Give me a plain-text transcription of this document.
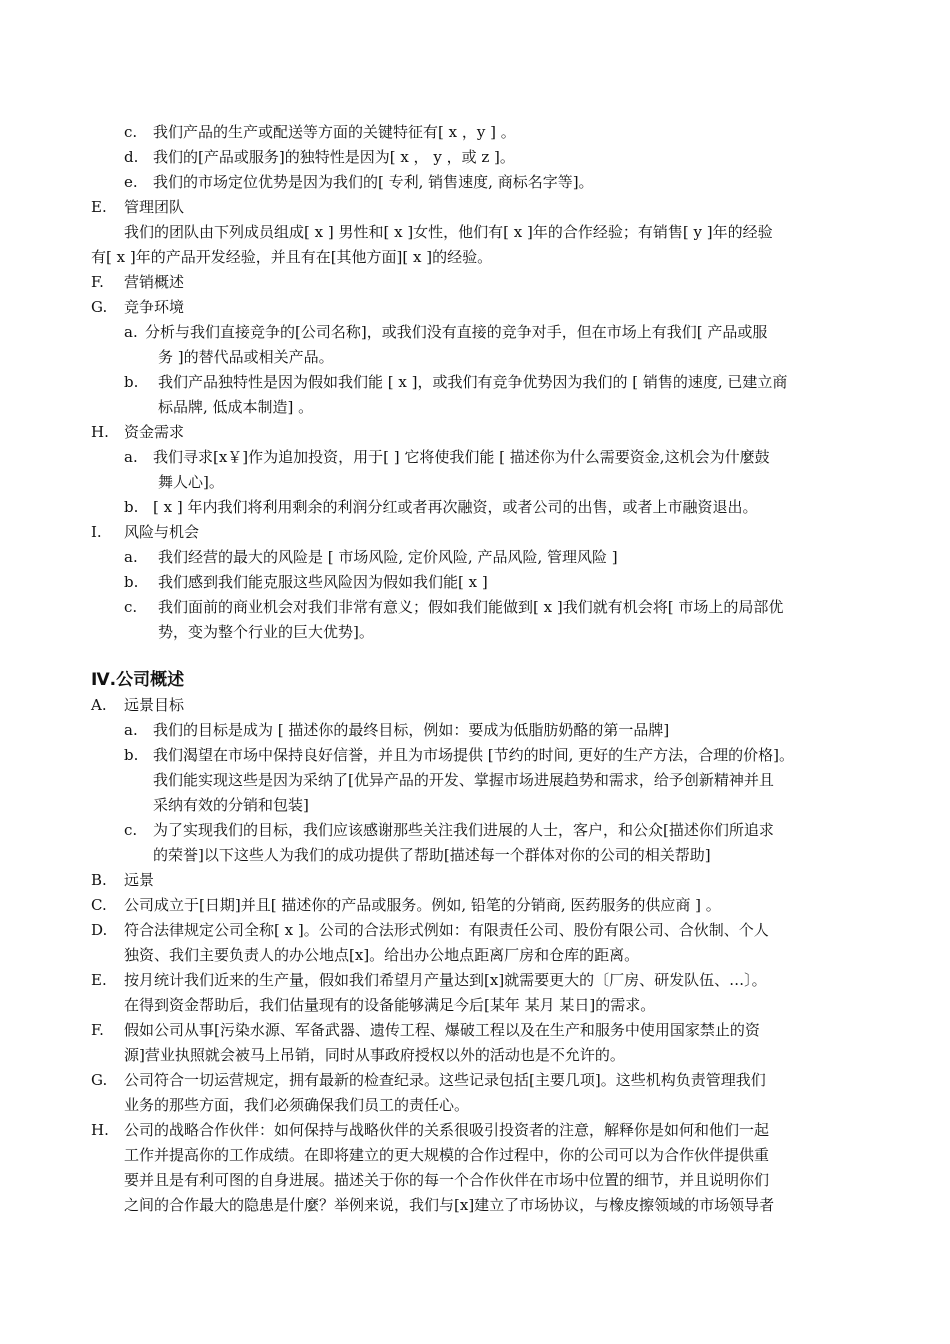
c. 我们产品的生产或配送等方面的关键特征有[ x ，y ] 。
d. 我们的[产品或服务]的独特性是因为[ x ， y ，或 z ]。
e. 我们的市场定位优势是因为我们的[ 专利, 销售速度, 商标名字等]。
E. 管理团队
我们的团队由下列成员组成[ x ] 男性和[ x ]女性，他们有[ x ]年的合作经验；有销售[ y ]年的经验
有[ x ]年的产品开发经验，并且有在[其他方面][ x ]的经验。
F. 营销概述
G. 竞争环境
a. 分析与我们直接竞争的[公司名称]，或我们没有直接的竞争对手，但在市场上有我们[ 产品或服
务 ]的替代品或相关产品。
b. 我们产品独特性是因为假如我们能 [ x ]，或我们有竞争优势因为我们的 [ 销售的速度, 已建立商
标品牌, 低成本制造] 。
H. 资金需求
a. 我们寻求[x￥]作为追加投资，用于[ ] 它将使我们能 [ 描述你为什么需要资金,这机会为什麼鼓
舞人心]。
b. [ x ] 年内我们将利用剩余的利润分红或者再次融资，或者公司的出售，或者上市融资退出。
I. 风险与机会
a. 我们经营的最大的风险是 [ 市场风险, 定价风险, 产品风险, 管理风险 ]
b. 我们感到我们能克服这些风险因为假如我们能[ x ]
c. 我们面前的商业机会对我们非常有意义；假如我们能做到[ x ]我们就有机会将[ 市场上的局部优
势，变为整个行业的巨大优势]。
Ⅳ.公司概述
A. 远景目标
a. 我们的目标是成为 [ 描述你的最终目标，例如：要成为低脂肪奶酪的第一品牌]
b. 我们渴望在市场中保持良好信誉，并且为市场提供 [节约的时间, 更好的生产方法，合理的价格]。
我们能实现这些是因为采纳了[优异产品的开发、掌握市场进展趋势和需求，给予创新精神并且
采纳有效的分销和包装]
c. 为了实现我们的目标，我们应该感谢那些关注我们进展的人士，客户，和公众[描述你们所追求
的荣誉]以下这些人为我们的成功提供了帮助[描述每一个群体对你的公司的相关帮助]
B. 远景
C. 公司成立于[日期]并且[ 描述你的产品或服务。例如, 铅笔的分销商, 医药服务的供应商 ] 。
D. 符合法律规定公司全称[ x ]。公司的合法形式例如：有限责任公司、股份有限公司、合伙制、个人
独资、我们主要负责人的办公地点[x]。给出办公地点距离厂房和仓库的距离。
E. 按月统计我们近来的生产量，假如我们希望月产量达到[x]就需要更大的〔厂房、研发队伍、…〕。
在得到资金帮助后，我们估量现有的设备能够满足今后[某年 某月 某日]的需求。
F. 假如公司从事[污染水源、军备武器、遗传工程、爆破工程以及在生产和服务中使用国家禁止的资
源]营业执照就会被马上吊销，同时从事政府授权以外的活动也是不允许的。
G. 公司符合一切运营规定，拥有最新的检查纪录。这些记录包括[主要几项]。这些机构负责管理我们
业务的那些方面，我们必须确保我们员工的责任心。
H. 公司的战略合作伙伴：如何保持与战略伙伴的关系很吸引投资者的注意，解释你是如何和他们一起
工作并提高你的工作成绩。在即将建立的更大规模的合作过程中，你的公司可以为合作伙伴提供重
要并且是有利可图的自身进展。描述关于你的每一个合作伙伴在市场中位置的细节，并且说明你们
之间的合作最大的隐患是什麼？举例来说，我们与[x]建立了市场协议，与橡皮擦领域的市场领导者
